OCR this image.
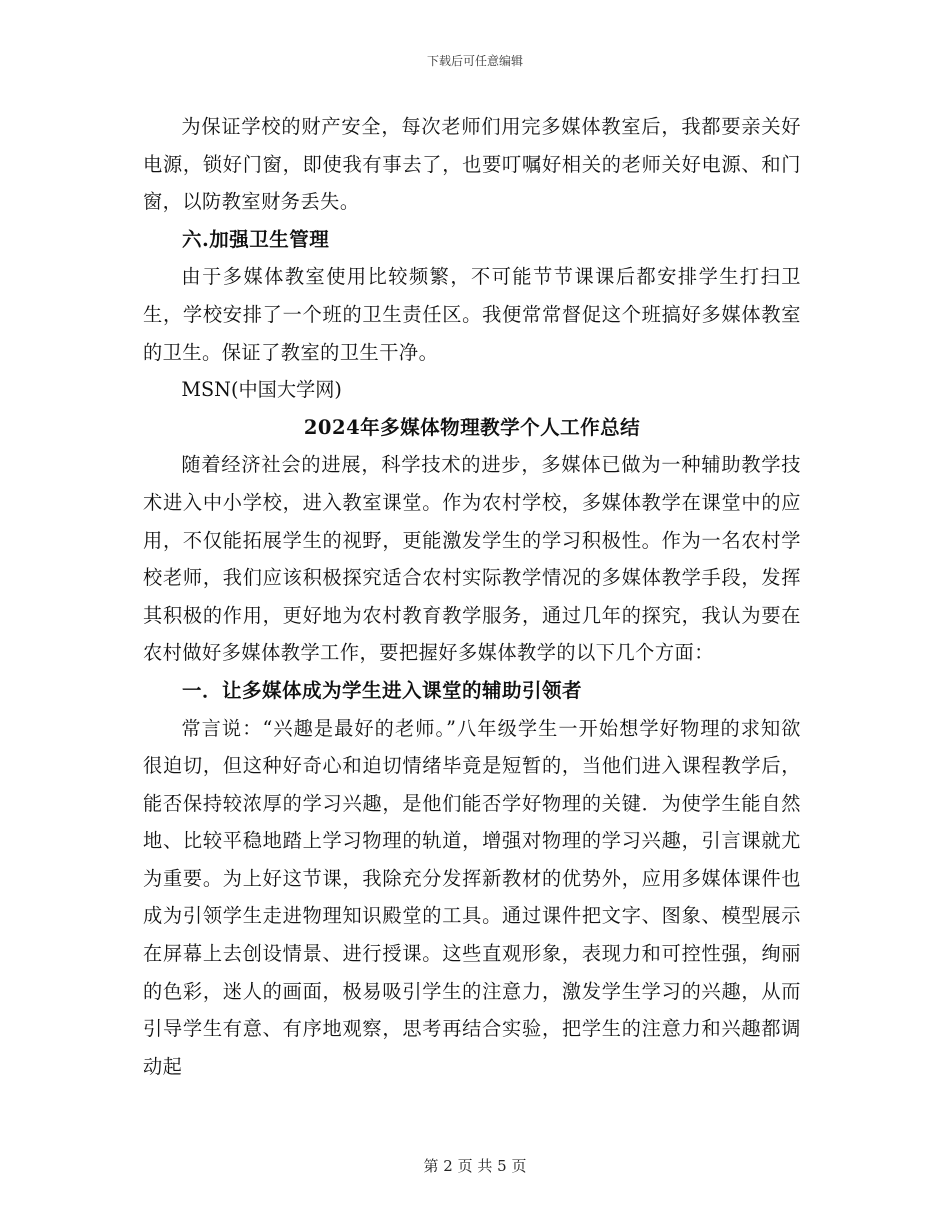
下载后可任意编辑

为保证学校的财产安全，每次老师们用完多媒体教室后，我都要亲关好电源，锁好门窗，即使我有事去了，也要叮嘱好相关的老师关好电源、和门窗，以防教室财务丢失。

六.加强卫生管理

由于多媒体教室使用比较频繁，不可能节节课课后都安排学生打扫卫生，学校安排了一个班的卫生责任区。我便常常督促这个班搞好多媒体教室的卫生。保证了教室的卫生干净。

MSN(中国大学网)

2024年多媒体物理教学个人工作总结

随着经济社会的进展，科学技术的进步，多媒体已做为一种辅助教学技术进入中小学校，进入教室课堂。作为农村学校，多媒体教学在课堂中的应用，不仅能拓展学生的视野，更能激发学生的学习积极性。作为一名农村学校老师，我们应该积极探究适合农村实际教学情况的多媒体教学手段，发挥其积极的作用，更好地为农村教育教学服务，通过几年的探究，我认为要在农村做好多媒体教学工作，要把握好多媒体教学的以下几个方面：

一．让多媒体成为学生进入课堂的辅助引领者

常言说：“兴趣是最好的老师。”八年级学生一开始想学好物理的求知欲很迫切，但这种好奇心和迫切情绪毕竟是短暂的，当他们进入课程教学后，能否保持较浓厚的学习兴趣，是他们能否学好物理的关键．为使学生能自然地、比较平稳地踏上学习物理的轨道，增强对物理的学习兴趣，引言课就尤为重要。为上好这节课，我除充分发挥新教材的优势外，应用多媒体课件也成为引领学生走进物理知识殿堂的工具。通过课件把文字、图象、模型展示在屏幕上去创设情景、进行授课。这些直观形象，表现力和可控性强，绚丽的色彩，迷人的画面，极易吸引学生的注意力，激发学生学习的兴趣，从而引导学生有意、有序地观察，思考再结合实验，把学生的注意力和兴趣都调动起

第 2 页 共 5 页
